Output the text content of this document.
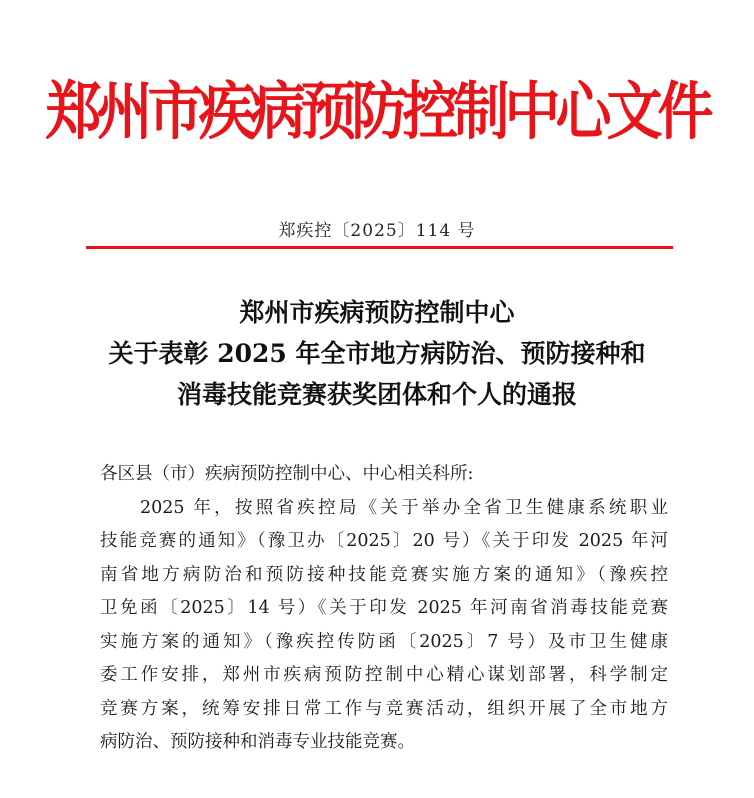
郑州市疾病预防控制中心文件
郑疾控〔2025〕114 号
郑州市疾病预防控制中心
关于表彰 2025 年全市地方病防治、预防接种和
消毒技能竞赛获奖团体和个人的通报
各区县（市）疾病预防控制中心、中心相关科所:
2025 年，按照省疾控局《关于举办全省卫生健康系统职业
技能竞赛的通知》（豫卫办〔2025〕20 号）《关于印发 2025 年河
南省地方病防治和预防接种技能竞赛实施方案的通知》（豫疾控
卫免函〔2025〕14 号）《关于印发 2025 年河南省消毒技能竞赛
实施方案的通知》（豫疾控传防函〔2025〕7 号）及市卫生健康
委工作安排，郑州市疾病预防控制中心精心谋划部署，科学制定
竞赛方案，统筹安排日常工作与竞赛活动，组织开展了全市地方
病防治、预防接种和消毒专业技能竞赛。
